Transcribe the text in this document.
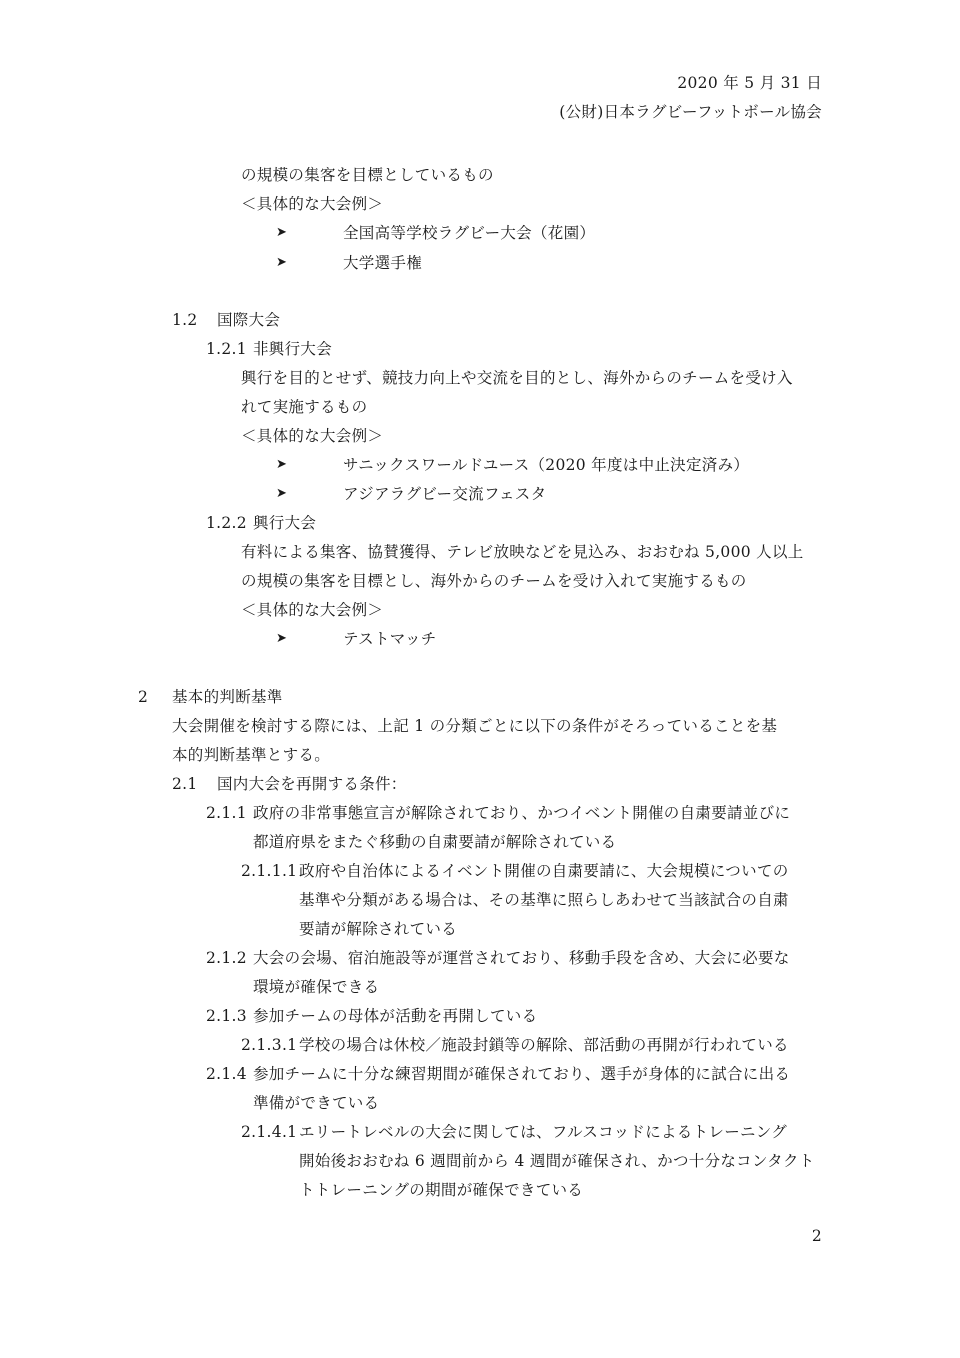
2020 年 5 月 31 日
(公財)日本ラグビーフットボール協会
の規模の集客を目標としているもの
＜具体的な大会例＞
➤	全国高等学校ラグビー大会（花園）
➤	大学選手権
1.2 国際大会
1.2.1 非興行大会
興行を目的とせず、競技力向上や交流を目的とし、海外からのチームを受け入
れて実施するもの
＜具体的な大会例＞
➤	サニックスワールドユース（2020 年度は中止決定済み）
➤	アジアラグビー交流フェスタ
1.2.2 興行大会
有料による集客、協賛獲得、テレビ放映などを見込み、おおむね 5,000 人以上
の規模の集客を目標とし、海外からのチームを受け入れて実施するもの
＜具体的な大会例＞
➤	テストマッチ
2 基本的判断基準
大会開催を検討する際には、上記 1 の分類ごとに以下の条件がそろっていることを基
本的判断基準とする。
2.1 国内大会を再開する条件：
2.1.1 政府の非常事態宣言が解除されており、かつイベント開催の自粛要請並びに
都道府県をまたぐ移動の自粛要請が解除されている
2.1.1.1 政府や自治体によるイベント開催の自粛要請に、大会規模についての
基準や分類がある場合は、その基準に照らしあわせて当該試合の自粛
要請が解除されている
2.1.2 大会の会場、宿泊施設等が運営されており、移動手段を含め、大会に必要な
環境が確保できる
2.1.3 参加チームの母体が活動を再開している
2.1.3.1 学校の場合は休校／施設封鎖等の解除、部活動の再開が行われている
2.1.4 参加チームに十分な練習期間が確保されており、選手が身体的に試合に出る
準備ができている
2.1.4.1 エリートレベルの大会に関しては、フルスコッドによるトレーニング
開始後おおむね 6 週間前から 4 週間が確保され、かつ十分なコンタクト
トトレーニングの期間が確保できている
2
